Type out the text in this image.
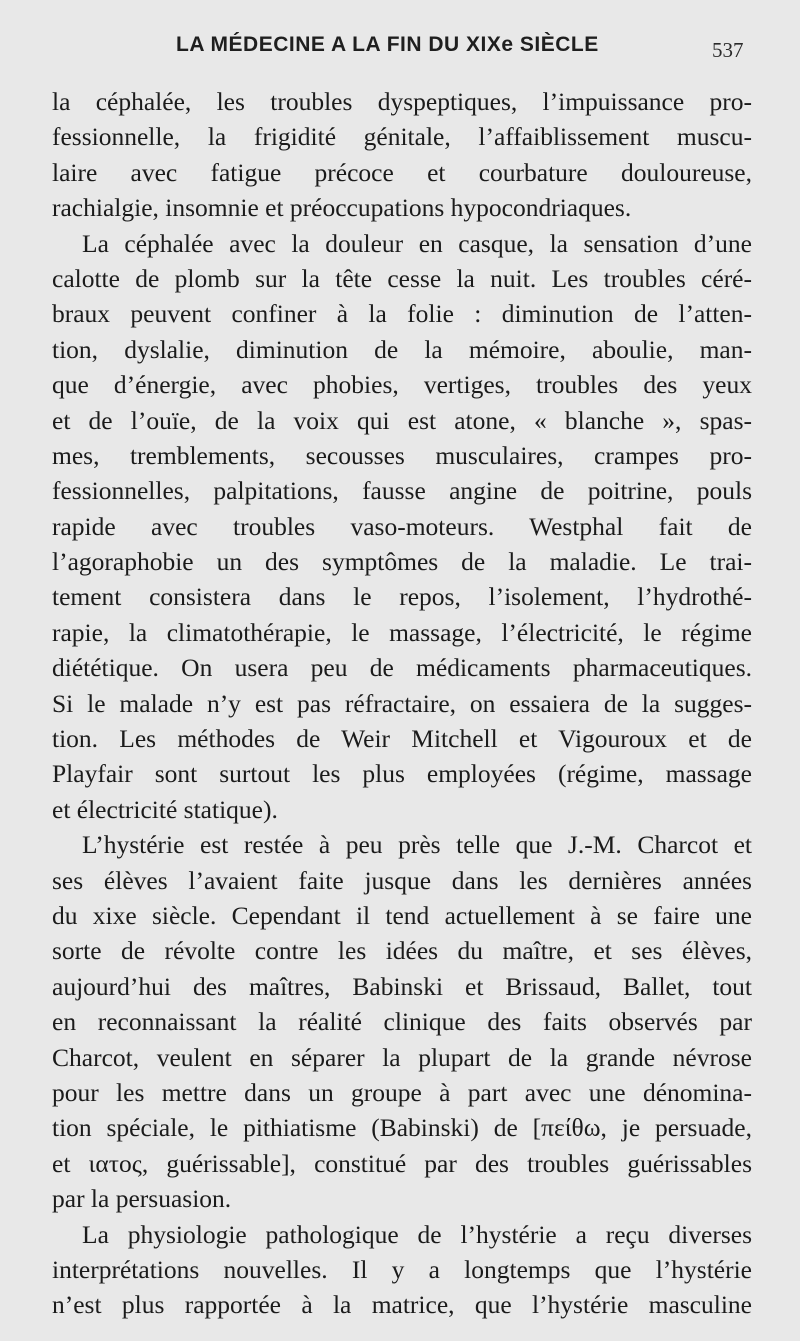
LA MÉDECINE A LA FIN DU XIXe SIÈCLE	537
la céphalée, les troubles dyspeptiques, l’impuissance pro-
fessionnelle, la frigidité génitale, l’affaiblissement muscu-
laire avec fatigue précoce et courbature douloureuse,
rachialgie, insomnie et préoccupations hypocondriaques.
La céphalée avec la douleur en casque, la sensation d’une
calotte de plomb sur la tête cesse la nuit. Les troubles céré-
braux peuvent confiner à la folie : diminution de l’atten-
tion, dyslalie, diminution de la mémoire, aboulie, man-
que d’énergie, avec phobies, vertiges, troubles des yeux
et de l’ouïe, de la voix qui est atone, « blanche », spas-
mes, tremblements, secousses musculaires, crampes pro-
fessionnelles, palpitations, fausse angine de poitrine, pouls
rapide avec troubles vaso-moteurs. Westphal fait de
l’agoraphobie un des symptômes de la maladie. Le trai-
tement consistera dans le repos, l’isolement, l’hydrothé-
rapie, la climatothérapie, le massage, l’électricité, le régime
diététique. On usera peu de médicaments pharmaceutiques.
Si le malade n’y est pas réfractaire, on essaiera de la sugges-
tion. Les méthodes de Weir Mitchell et Vigouroux et de
Playfair sont surtout les plus employées (régime, massage
et électricité statique).
L’hystérie est restée à peu près telle que J.-M. Charcot et
ses élèves l’avaient faite jusque dans les dernières années
du xixe siècle. Cependant il tend actuellement à se faire une
sorte de révolte contre les idées du maître, et ses élèves,
aujourd’hui des maîtres, Babinski et Brissaud, Ballet, tout
en reconnaissant la réalité clinique des faits observés par
Charcot, veulent en séparer la plupart de la grande névrose
pour les mettre dans un groupe à part avec une dénomina-
tion spéciale, le pithiatisme (Babinski) de [πείθω, je persuade,
et ιατος, guérissable], constitué par des troubles guérissables
par la persuasion.
La physiologie pathologique de l’hystérie a reçu diverses
interprétations nouvelles. Il y a longtemps que l’hystérie
n’est plus rapportée à la matrice, que l’hystérie masculine
